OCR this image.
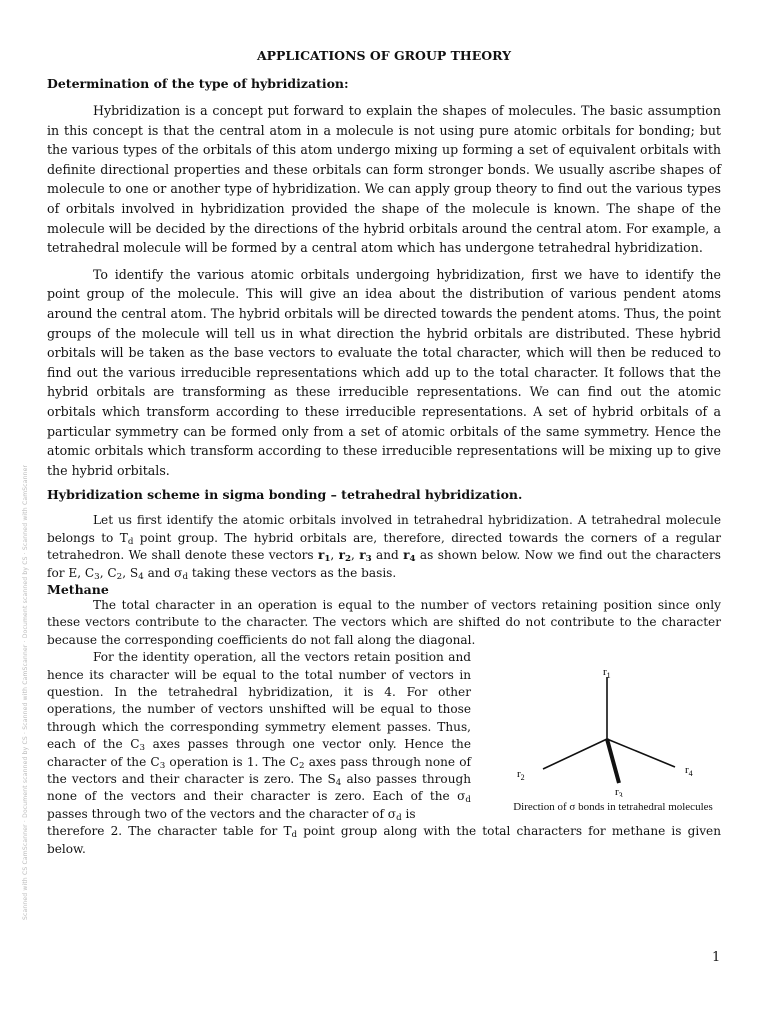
Scanned with CS CamScanner · Document scanned by CS · Scanned with CamScanner · Document scanned by CS · Scanned with CamScanner
APPLICATIONS OF GROUP THEORY
Determination of the type of hybridization:

Hybridization is a concept put forward to explain the shapes of molecules. The basic assumption in this concept is that the central atom in a molecule is not using pure atomic orbitals for bonding; but the various types of the orbitals of this atom undergo mixing up forming a set of equivalent orbitals with definite directional properties and these orbitals can form stronger bonds. We usually ascribe shapes of molecule to one or another type of hybridization. We can apply group theory to find out the various types of orbitals involved in hybridization provided the shape of the molecule is known. The shape of the molecule will be decided by the directions of the hybrid orbitals around the central atom. For example, a tetrahedral molecule will be formed by a central atom which has undergone tetrahedral hybridization.

To identify the various atomic orbitals undergoing hybridization, first we have to identify the point group of the molecule. This will give an idea about the distribution of various pendent atoms around the central atom. The hybrid orbitals will be directed towards the pendent atoms. Thus, the point groups of the molecule will tell us in what direction the hybrid orbitals are distributed. These hybrid orbitals will be taken as the base vectors to evaluate the total character, which will then be reduced to find out the various irreducible representations which add up to the total character. It follows that the hybrid orbitals are transforming as these irreducible representations. We can find out the atomic orbitals which transform according to these irreducible representations. A set of hybrid orbitals of a particular symmetry can be formed only from a set of atomic orbitals of the same symmetry. Hence the atomic orbitals which transform according to these irreducible representations will be mixing up to give the hybrid orbitals.

Hybridization scheme in sigma bonding – tetrahedral hybridization.

Let us first identify the atomic orbitals involved in tetrahedral hybridization. A tetrahedral molecule belongs to $T_d$ point group. The hybrid orbitals are, therefore, directed towards the corners of a regular tetrahedron. We shall denote these vectors $r_1$, $r_2$, $r_3$ and $r_4$ as shown below. Now we find out the characters for E, $C_3$, $C_2$, $S_4$ and $\sigma_d$ taking these vectors as the basis.

Methane

The total character in an operation is equal to the number of vectors retaining position since only these vectors contribute to the character. The vectors which are shifted do not contribute to the character because the corresponding coefficients do not fall along the diagonal.

For the identity operation, all the vectors retain position and hence its character will be equal to the total number of vectors in question. In the tetrahedral hybridization, it is 4. For other operations, the number of vectors unshifted will be equal to those through which the corresponding symmetry element passes. Thus, each of the $C_3$ axes passes through one vector only. Hence the character of the $C_3$ operation is 1. The $C_2$ axes pass through none of the vectors and their character is zero. The $S_4$ also passes through none of the vectors and their character is zero. Each of the $\sigma_d$ passes through two of the vectors and the character of $\sigma_d$ is

$r_1$
$r_2$
$r_4$
$r_3$
Direction of σ bonds in tetrahedral molecules

therefore 2. The character table for $T_d$ point group along with the total characters for methane is given below.

1
